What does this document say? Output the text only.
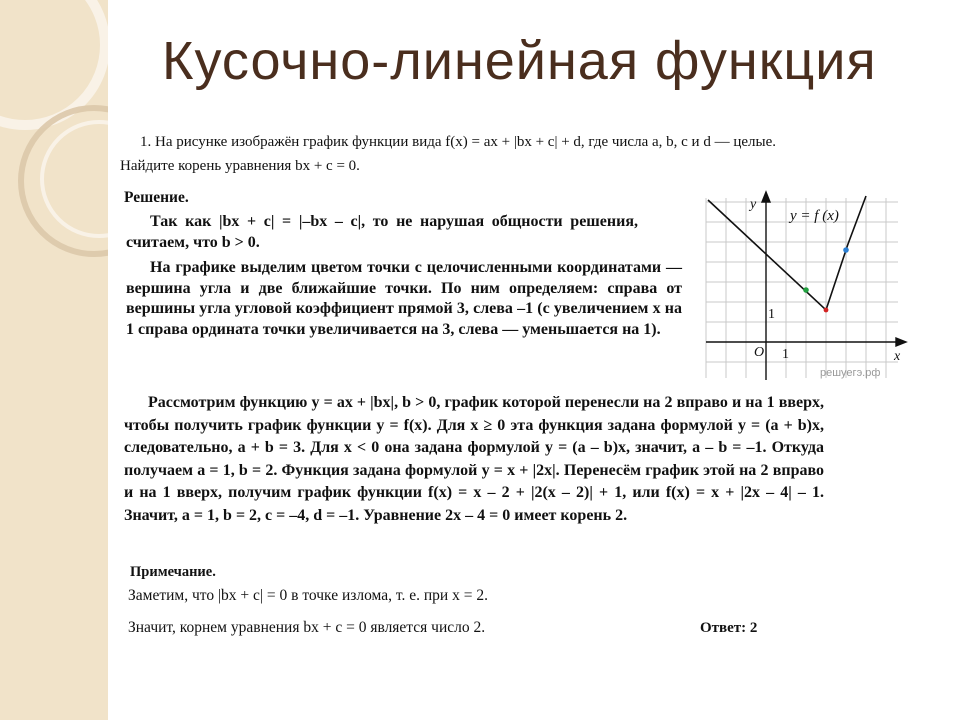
Кусочно-линейная функция
1. На рисунке изображён график функции вида f(x) = ax + |bx + c| + d, где числа a, b, c и d — целые.
Найдите корень уравнения bx + c = 0.
Решение.
Так как |bx + c| = |–bx – c|, то не нарушая общности решения, считаем, что b > 0.
На графике выделим цветом точки с целочисленными координатами — вершина угла и две ближайшие точки. По ним определяем: справа от вершины угла угловой коэффициент прямой 3, слева –1 (с увеличением x на 1 справа ордината точки увеличивается на 3, слева — уменьшается на 1).
Рассмотрим функцию y = ax + |bx|, b > 0, график которой перенесли на 2 вправо и на 1 вверх, чтобы получить график функции y = f(x). Для x ≥ 0 эта функция задана формулой y = (a + b)x, следовательно, a + b = 3. Для x < 0 она задана формулой y = (a – b)x, значит, a – b = –1. Откуда получаем a = 1, b = 2. Функция задана формулой y = x + |2x|. Перенесём график этой на 2 вправо и на 1 вверх, получим график функции f(x) = x – 2 + |2(x – 2)| + 1, или f(x) = x + |2x – 4| – 1. Значит, a = 1, b = 2, c = –4, d = –1. Уравнение 2x – 4 = 0 имеет корень 2.
Примечание.
Заметим, что |bx + c| = 0 в точке излома, т. е. при x = 2.
Значит, корнем уравнения bx + c = 0 является число 2.	Ответ: 2
y = f (x)
y
x
O 1
1
решуегэ.рф
